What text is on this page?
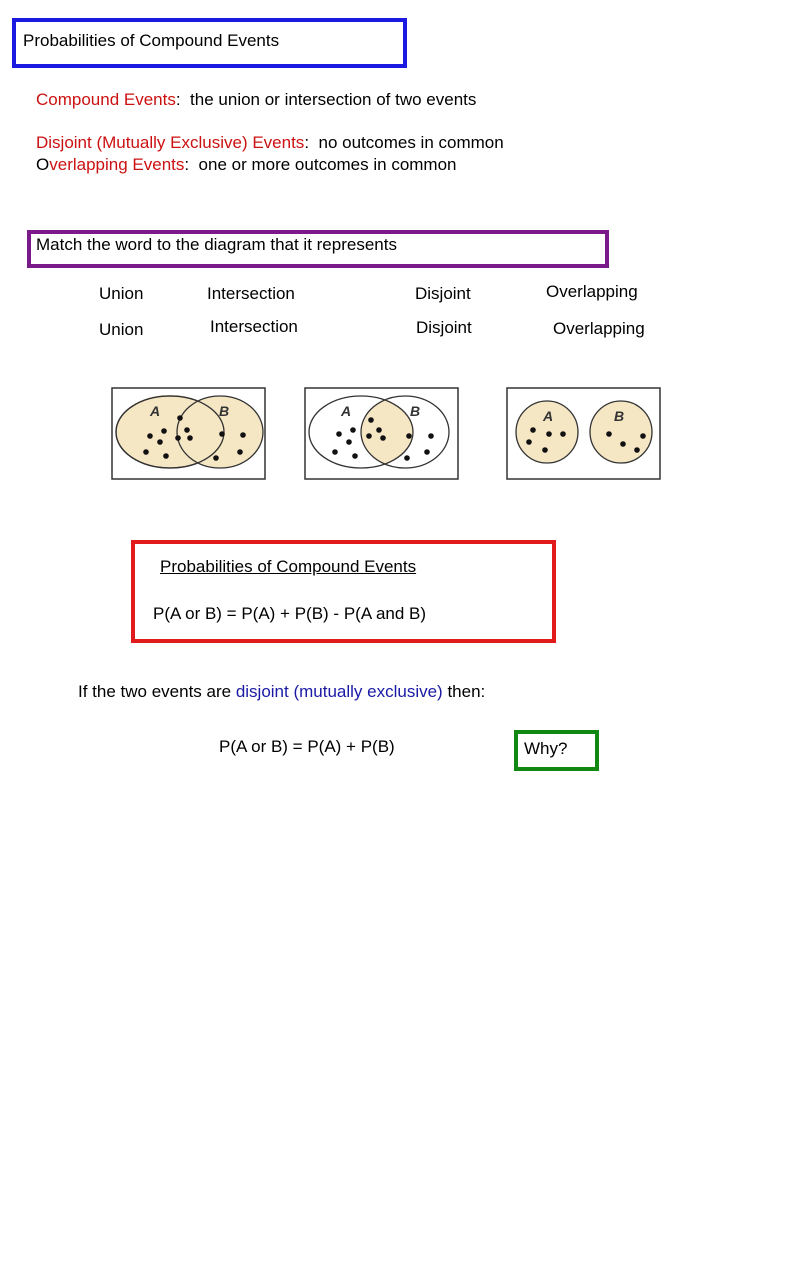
Probabilities of Compound Events
Compound Events:  the union or intersection of two events
Disjoint (Mutually Exclusive) Events:  no outcomes in common
Overlapping Events:  one or more outcomes in common
Match the word to the diagram that it represents
Union	Intersection	Disjoint	Overlapping
Union	Intersection	Disjoint	Overlapping
A	B	A	B	A	B
Probabilities of Compound Events
P(A or B) = P(A) + P(B) - P(A and B)
If the two events are disjoint (mutually exclusive) then:
P(A or B) = P(A) + P(B)	Why?
